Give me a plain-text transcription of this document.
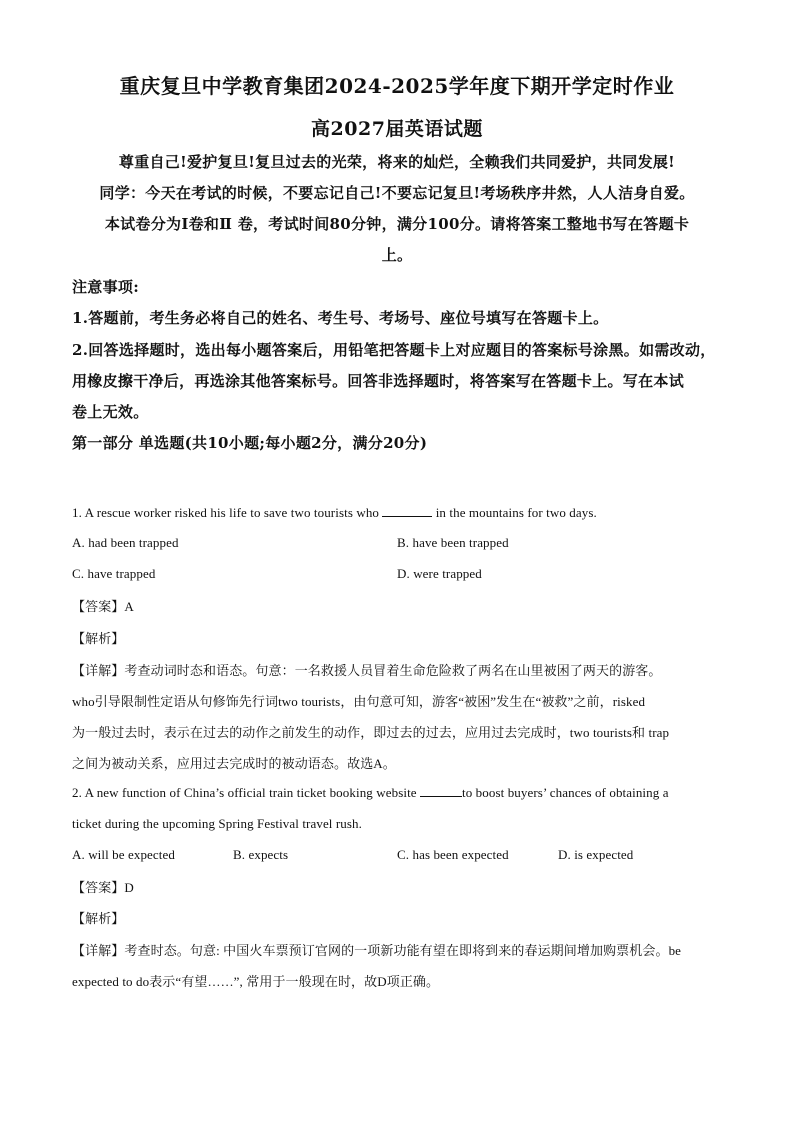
重庆复旦中学教育集团2024-2025学年度下期开学定时作业
高2027届英语试题
尊重自己!爱护复旦!复旦过去的光荣，将来的灿烂，全赖我们共同爱护，共同发展!
同学：今天在考试的时候，不要忘记自己!不要忘记复旦!考场秩序井然，人人洁身自爱。
本试卷分为Ⅰ卷和Ⅱ 卷，考试时间80分钟，满分100分。请将答案工整地书写在答题卡
上。
注意事项:
1.答题前，考生务必将自己的姓名、考生号、考场号、座位号填写在答题卡上。
2.回答选择题时，选出每小题答案后，用铅笔把答题卡上对应题目的答案标号涂黑。如需改动，
用橡皮擦干净后，再选涂其他答案标号。回答非选择题时，将答案写在答题卡上。写在本试
卷上无效。
第一部分 单选题(共10小题;每小题2分，满分20分)
1. A rescue worker risked his life to save two tourists who	in the mountains for two days.
A. had been trapped	B. have been trapped
C. have trapped	D. were trapped
【答案】A
【解析】
【详解】考查动词时态和语态。句意：一名救援人员冒着生命危险救了两名在山里被困了两天的游客。
who引导限制性定语从句修饰先行词two tourists，由句意可知，游客“被困”发生在“被救”之前，risked
为一般过去时，表示在过去的动作之前发生的动作，即过去的过去，应用过去完成时，two tourists和 trap
之间为被动关系，应用过去完成时的被动语态。故选A。
2. A new function of China’s official train ticket booking website	to boost buyers’ chances of obtaining a
ticket during the upcoming Spring Festival travel rush.
A. will be expected	B. expects	C. has been expected	D. is expected
【答案】D
【解析】
【详解】考查时态。句意: 中国火车票预订官网的一项新功能有望在即将到来的春运期间增加购票机会。be
expected to do表示“有望……”, 常用于一般现在时，故D项正确。
